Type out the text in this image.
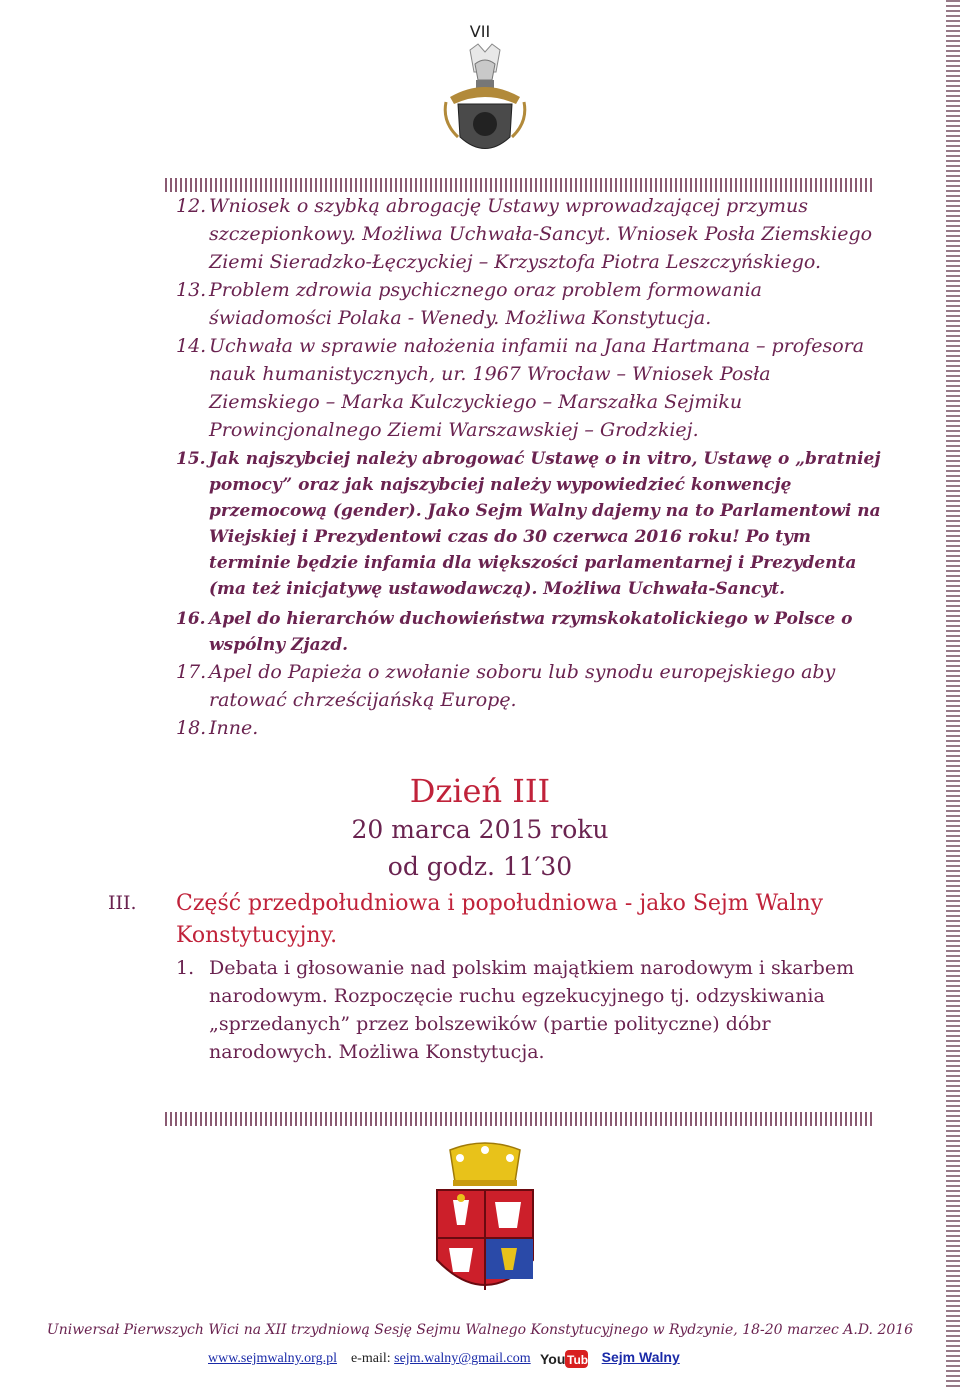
VII
12. Wniosek o szybką abrogację Ustawy wprowadzającej przymus szczepionkowy. Możliwa Uchwała-Sancyt. Wniosek Posła Ziemskiego Ziemi Sieradzko-Łęczyckiej – Krzysztofa Piotra Leszczyńskiego.
13. Problem zdrowia psychicznego oraz problem formowania świadomości Polaka - Wenedy. Możliwa Konstytucja.
14. Uchwała w sprawie nałożenia infamii na Jana Hartmana – profesora nauk humanistycznych, ur. 1967 Wrocław – Wniosek Posła Ziemskiego – Marka Kulczyckiego – Marszałka Sejmiku Prowincjonalnego Ziemi Warszawskiej – Grodzkiej.
15. Jak najszybciej należy abrogować Ustawę o in vitro, Ustawę o „bratniej pomocy” oraz jak najszybciej należy wypowiedzieć konwencję przemocową (gender). Jako Sejm Walny dajemy na to Parlamentowi na Wiejskiej i Prezydentowi czas do 30 czerwca 2016 roku! Po tym terminie będzie infamia dla większości parlamentarnej i Prezydenta (ma też inicjatywę ustawodawczą). Możliwa Uchwała-Sancyt.
16. Apel do hierarchów duchowieństwa rzymskokatolickiego w Polsce o wspólny Zjazd.
17. Apel do Papieża o zwołanie soboru lub synodu europejskiego aby ratować chrześcijańską Europę.
18. Inne.
Dzień III
20 marca 2015 roku
od godz. 11′30
III. Część przedpołudniowa i popołudniowa - jako Sejm Walny Konstytucyjny.
1. Debata i głosowanie nad polskim majątkiem narodowym i skarbem narodowym. Rozpoczęcie ruchu egzekucyjnego tj. odzyskiwania „sprzedanych” przez bolszewików (partie polityczne) dóbr narodowych. Możliwa Konstytucja.
Uniwersał Pierwszych Wici na XII trzydniową Sesję Sejmu Walnego Konstytucyjnego w Rydzynie, 18-20 marzec A.D. 2016
www.sejmwalny.org.pl e-mail: sejm.walny@gmail.com You Tube Sejm Walny
